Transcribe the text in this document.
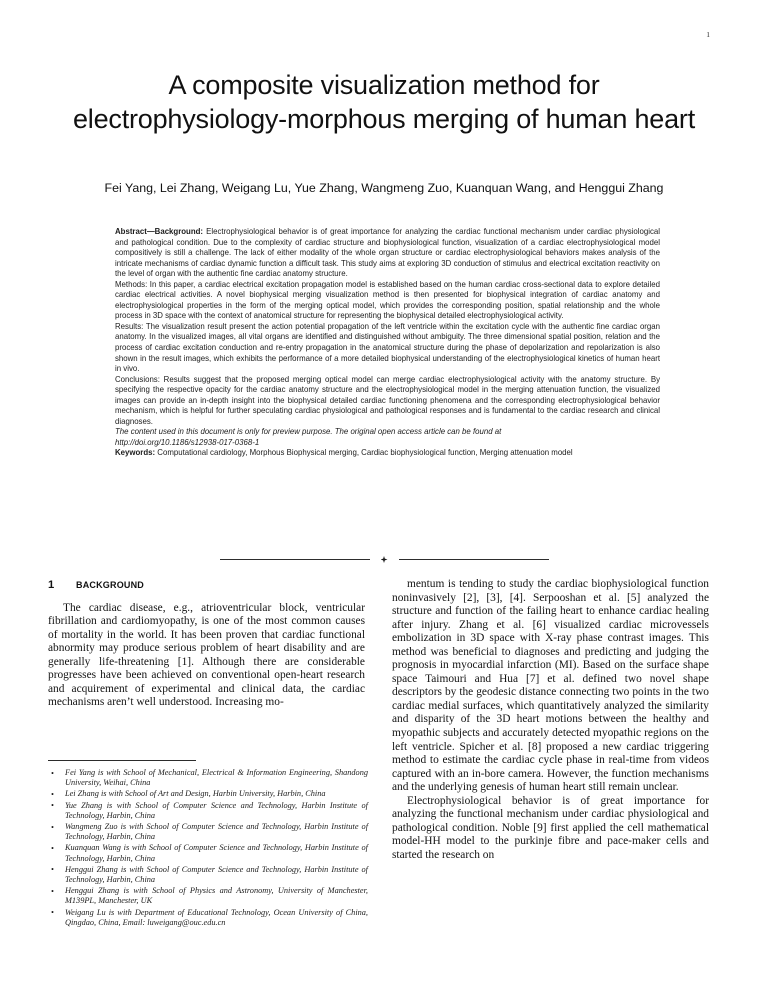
1
A composite visualization method for electrophysiology-morphous merging of human heart
Fei Yang, Lei Zhang, Weigang Lu, Yue Zhang, Wangmeng Zuo, Kuanquan Wang, and Henggui Zhang

Abstract—Background: Electrophysiological behavior is of great importance for analyzing the cardiac functional mechanism under cardiac physiological and pathological condition. Due to the complexity of cardiac structure and biophysiological function, visualization of a cardiac electrophysiological model compositively is still a challenge. The lack of either modality of the whole organ structure or cardiac electrophysiological behaviors makes analysis of the intricate mechanisms of cardiac dynamic function a difficult task. This study aims at exploring 3D conduction of stimulus and electrical excitation reactivity on the level of organ with the authentic fine cardiac anatomy structure.

Methods: In this paper, a cardiac electrical excitation propagation model is established based on the human cardiac cross-sectional data to explore detailed cardiac electrical activities. A novel biophysical merging visualization method is then presented for biophysical integration of cardiac anatomy and electrophysiological properties in the form of the merging optical model, which provides the corresponding position, spatial relationship and the whole process in 3D space with the context of anatomical structure for representing the biophysical detailed electrophysiological activity.

Results: The visualization result present the action potential propagation of the left ventricle within the excitation cycle with the authentic fine cardiac organ anatomy. In the visualized images, all vital organs are identified and distinguished without ambiguity. The three dimensional spatial position, relation and the process of cardiac excitation conduction and re-entry propagation in the anatomical structure during the phase of depolarization and repolarization is also shown in the result images, which exhibits the performance of a more detailed biophysical understanding of the electrophysiological kinetics of human heart in vivo.

Conclusions: Results suggest that the proposed merging optical model can merge cardiac electrophysiological activity with the anatomy structure. By specifying the respective opacity for the cardiac anatomy structure and the electrophysiological model in the merging attenuation function, the visualized images can provide an in-depth insight into the biophysical detailed cardiac functioning phenomena and the corresponding electrophysiological behavior mechanism, which is helpful for further speculating cardiac physiological and pathological responses and is fundamental to the cardiac research and clinical diagnoses.

The content used in this document is only for preview purpose. The original open access article can be found at

http://doi.org/10.1186/s12938-017-0368-1

Keywords: Computational cardiology, Morphous Biophysical merging, Cardiac biophysiological function, Merging attenuation model

1	background

The cardiac disease, e.g., atrioventricular block, ventricular fibrillation and cardiomyopathy, is one of the most common causes of mortality in the world. It has been proven that cardiac functional abnormity may produce serious problem of heart disability and are generally life-threatening [1]. Although there are considerable progresses have been achieved on conventional open-heart research and acquirement of experimental and clinical data, the cardiac mechanisms aren’t well understood. Increasing mo-

• Fei Yang is with School of Mechanical, Electrical & Information Engineering, Shandong University, Weihai, China
• Lei Zhang is with School of Art and Design, Harbin University, Harbin, China
• Yue Zhang is with School of Computer Science and Technology, Harbin Institute of Technology, Harbin, China
• Wangmeng Zuo is with School of Computer Science and Technology, Harbin Institute of Technology, Harbin, China
• Kuanquan Wang is with School of Computer Science and Technology, Harbin Institute of Technology, Harbin, China
• Henggui Zhang is with School of Computer Science and Technology, Harbin Institute of Technology, Harbin, China
• Henggui Zhang is with School of Physics and Astronomy, University of Manchester, M139PL, Manchester, UK
• Weigang Lu is with Department of Educational Technology, Ocean University of China, Qingdao, China, Email: luweigang@ouc.edu.cn

mentum is tending to study the cardiac biophysiological function noninvasively [2], [3], [4]. Serpooshan et al. [5] analyzed the structure and function of the failing heart to enhance cardiac healing after injury. Zhang et al. [6] visualized cardiac microvessels embolization in 3D space with X-ray phase contrast images. This method was beneficial to diagnoses and predicting and judging the prognosis in myocardial infarction (MI). Based on the surface shape space Taimouri and Hua [7] et al. defined two novel shape descriptors by the geodesic distance connecting two points in the two cardiac medial surfaces, which quantitatively analyzed the similarity and disparity of the 3D heart motions between the healthy and myopathic subjects and accurately detected myopathic regions on the left ventricle. Spicher et al. [8] proposed a new cardiac triggering method to estimate the cardiac cycle phase in real-time from videos captured with an in-bore camera. However, the function mechanisms and the underlying genesis of human heart still remain unclear.

Electrophysiological behavior is of great importance for analyzing the functional mechanism under cardiac physiological and pathological condition. Noble [9] first applied the cell mathematical model-HH model to the purkinje fibre and pace-maker cells and started the research on
